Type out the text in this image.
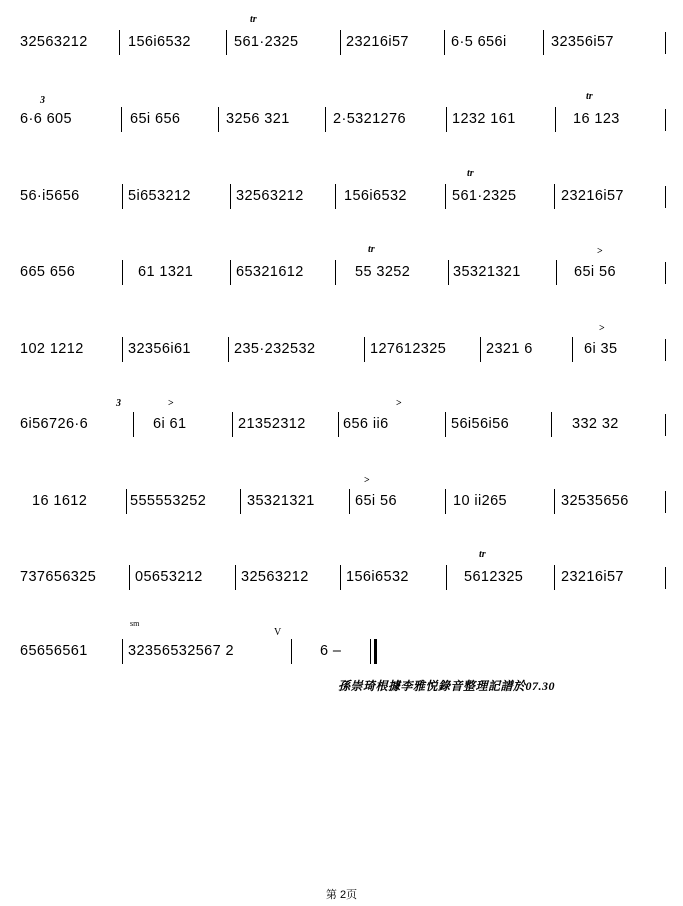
32563212	156i6532
tr
561·2325	23216i57	6·5 656i	32356i57
3
6·6 605	65i 656	3256 321	2·5321276	1232 161
tr
16 123
56·i5656	5i653212	32563212	156i6532
tr
561·2325	23216i57
665 656	61 1321	65321612
tr
55 3252	35321321
>
65i 56
102 1212	32356i61	235·232532	127612325	2321 6
>
6i 35
3
6i56726·6
>
6i 61	21352312
>
656 ii6	56i56i56	332 32
16 1612	555553252	35321321
>
65i 56	10 ii265	32535656
737656325	05653212	32563212	156i6532
tr
5612325	23216i57
65656561
sm
32356532567 2
V
6 –
孫崇琦根據李雅悦錄音整理記譜於07.30
第 2页
